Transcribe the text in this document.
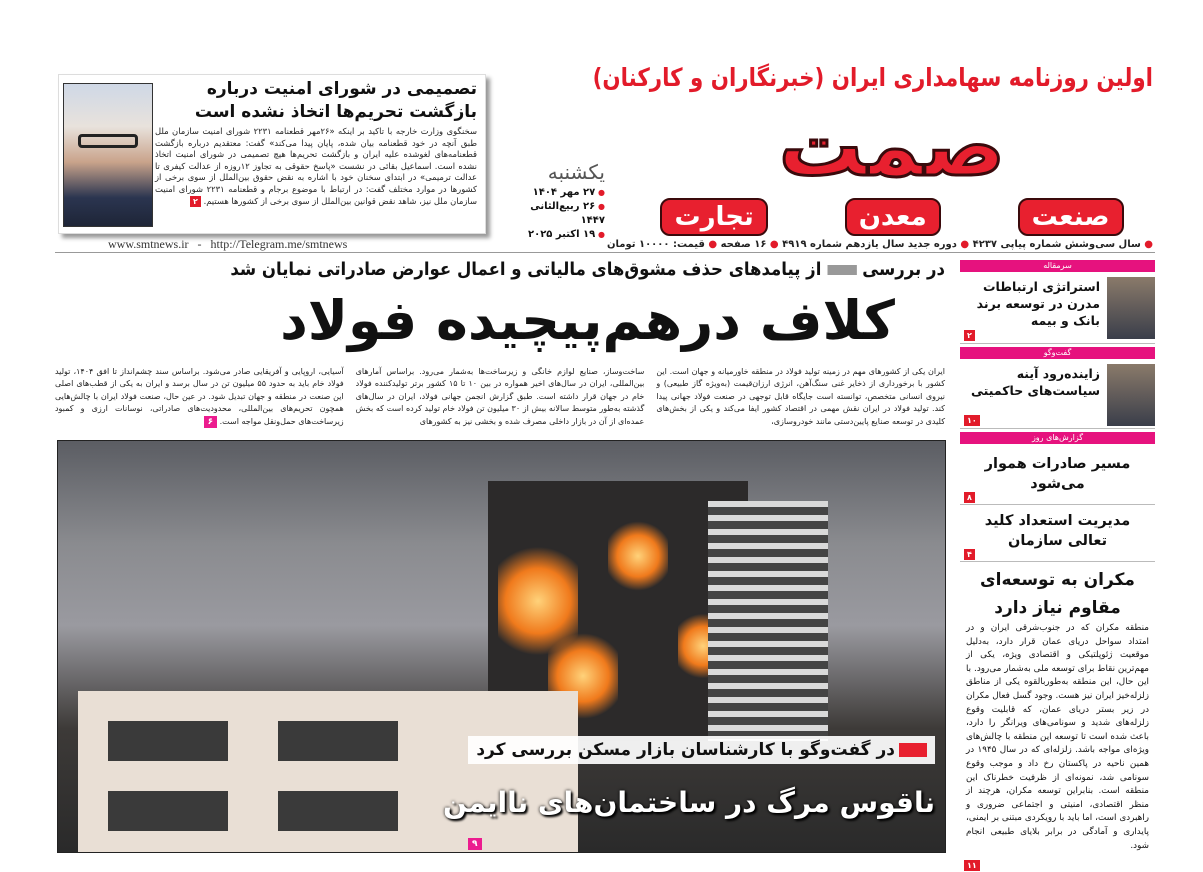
اولین روزنامه سهامداری ایران (خبرنگاران و کارکنان)
صمت
صنعت
معدن
تجارت
● سال سی‌وشش شماره پیاپی ۴۲۳۷ ● دوره جدید سال یازدهم شماره ۴۹۱۹ ● ۱۶ صفحه ● قیمت: ۱۰۰۰۰ تومان
یکشنبه
● ۲۷ مهر ۱۴۰۴
● ۲۶ ربیع‌الثانی ۱۴۴۷
● ۱۹ اکتبر ۲۰۲۵
تصمیمی در شورای امنیت درباره بازگشت تحریم‌ها اتخاذ نشده است

سخنگوی وزارت خارجه با تاکید بر اینکه «۲۶مهر قطعنامه ۲۲۳۱ شورای امنیت سازمان ملل طبق آنچه در خود قطعنامه بیان شده، پایان پیدا می‌کند» گفت: معتقدیم درباره بازگشت قطعنامه‌های لغوشده علیه ایران و بازگشت تحریم‌ها هیچ تصمیمی در شورای امنیت اتخاذ نشده است. اسماعیل بقائی در نشست «پاسخ حقوقی به تجاوز ۱۲روزه از عدالت کیفری تا عدالت ترمیمی» در ابتدای سخنان خود با اشاره به نقض حقوق بین‌الملل از سوی برخی از کشورها در موارد مختلف گفت: در ارتباط با موضوع برجام و قطعنامه ۲۲۳۱ شورای امنیت سازمان ملل نیز، شاهد نقض قوانین بین‌الملل از سوی برخی از کشورها هستیم. ۲

www.smtnews.ir   -   http://Telegram.me/smtnews
در بررسی  از پیامدهای حذف مشوق‌های مالیاتی و اعمال عوارض صادراتی نمایان شد
کلاف درهم‌پیچیده فولاد
ایران یکی از کشورهای مهم در زمینه تولید فولاد در منطقه خاورمیانه و جهان است. این کشور با برخورداری از ذخایر غنی سنگ‌آهن، انرژی ارزان‌قیمت (به‌ویژه گاز طبیعی) و نیروی انسانی متخصص، توانسته است جایگاه قابل توجهی در صنعت فولاد جهانی پیدا کند. تولید فولاد در ایران نقش مهمی در اقتصاد کشور ایفا می‌کند و یکی از بخش‌های کلیدی در توسعه صنایع پایین‌دستی مانند خودروسازی،
ساخت‌وساز، صنایع لوازم خانگی و زیرساخت‌ها به‌شمار می‌رود. براساس آمارهای بین‌المللی، ایران در سال‌های اخیر همواره در بین ۱۰ تا ۱۵ کشور برتر تولیدکننده فولاد خام در جهان قرار داشته است. طبق گزارش انجمن جهانی فولاد، ایران در سال‌های گذشته به‌طور متوسط سالانه بیش از ۳۰ میلیون تن فولاد خام تولید کرده است که بخش عمده‌ای از آن در بازار داخلی مصرف شده و بخشی نیز به کشورهای
آسیایی، اروپایی و آفریقایی صادر می‌شود. براساس سند چشم‌انداز تا افق ۱۴۰۴، تولید فولاد خام باید به حدود ۵۵ میلیون تن در سال برسد و ایران به یکی از قطب‌های اصلی این صنعت در منطقه و جهان تبدیل شود. در عین حال، صنعت فولاد ایران با چالش‌هایی همچون تحریم‌های بین‌المللی، محدودیت‌های صادراتی، نوسانات ارزی و کمبود زیرساخت‌های حمل‌ونقل مواجه است. ۶
در گفت‌وگو با کارشناسان بازار مسکن بررسی کرد
ناقوس مرگ در ساختمان‌های ناایمن
۹
سرمقاله
استراتژی ارتباطات مدرن در توسعه برند بانک و بیمه
۲
گفت‌وگو
زاینده‌رود آینه سیاست‌های حاکمیتی
۱۰
گزارش‌های روز
مسیر صادرات هموار می‌شود
۸
مدیریت استعداد کلید تعالی سازمان
۴
مکران به توسعه‌ای مقاوم نیاز دارد

منطقه مکران که در جنوب‌شرقی ایران و در امتداد سواحل دریای عمان قرار دارد، به‌دلیل موقعیت ژئوپلتیکی و اقتصادی ویژه، یکی از مهم‌ترین نقاط برای توسعه ملی به‌شمار می‌رود. با این حال، این منطقه به‌طوربالقوه یکی از مناطق زلزله‌خیز ایران نیز هست. وجود گسل فعال مکران در زیر بستر دریای عمان، که قابلیت وقوع زلزله‌های شدید و سونامی‌های ویرانگر را دارد، باعث شده است تا توسعه این منطقه با چالش‌های ویژه‌ای مواجه باشد. زلزله‌ای که در سال ۱۹۴۵ در همین ناحیه در پاکستان رخ داد و موجب وقوع سونامی شد، نمونه‌ای از ظرفیت خطرناک این منطقه است. بنابراین توسعه مکران، هرچند از منظر اقتصادی، امنیتی و اجتماعی ضروری و راهبردی است، اما باید با رویکردی مبتنی بر ایمنی، پایداری و آمادگی در برابر بلایای طبیعی انجام شود.

۱۱
